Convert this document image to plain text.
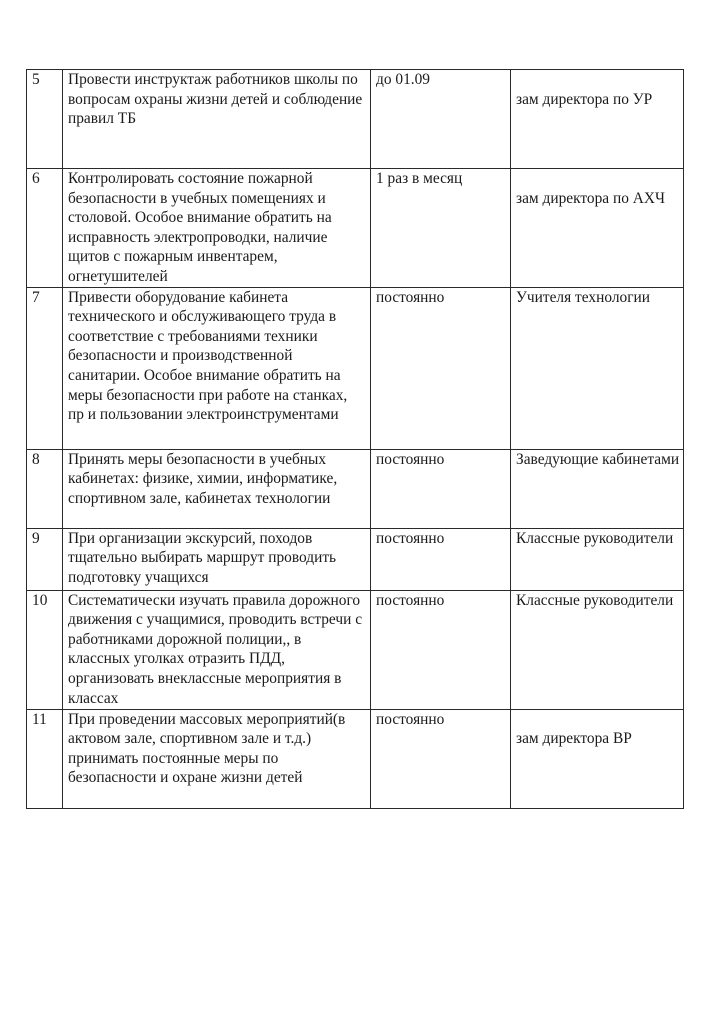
5	Провести инструктаж работников школы по вопросам охраны жизни детей и соблюдение правил ТБ	до 01.09	зам директора по УР
6	Контролировать состояние пожарной безопасности в учебных помещениях и столовой. Особое внимание обратить на исправность электропроводки, наличие щитов с пожарным инвентарем, огнетушителей	1 раз в месяц	зам директора по АХЧ
7	Привести оборудование кабинета технического и обслуживающего труда в соответствие с требованиями техники безопасности и производственной санитарии. Особое внимание обратить на меры безопасности при работе на станках, пр и пользовании электроинструментами	постоянно	Учителя технологии
8	Принять меры безопасности в учебных кабинетах: физике, химии, информатике, спортивном зале, кабинетах технологии	постоянно	Заведующие кабинетами
9	При организации экскурсий, походов тщательно выбирать маршрут проводить подготовку учащихся	постоянно	Классные руководители
10	Систематически изучать правила дорожного движения с учащимися, проводить встречи с работниками дорожной полиции,, в классных уголках отразить ПДД, организовать внеклассные мероприятия в классах	постоянно	Классные руководители
11	При проведении массовых мероприятий(в актовом зале, спортивном зале и т.д.) принимать постоянные меры по безопасности и охране жизни детей	постоянно	зам директора ВР
